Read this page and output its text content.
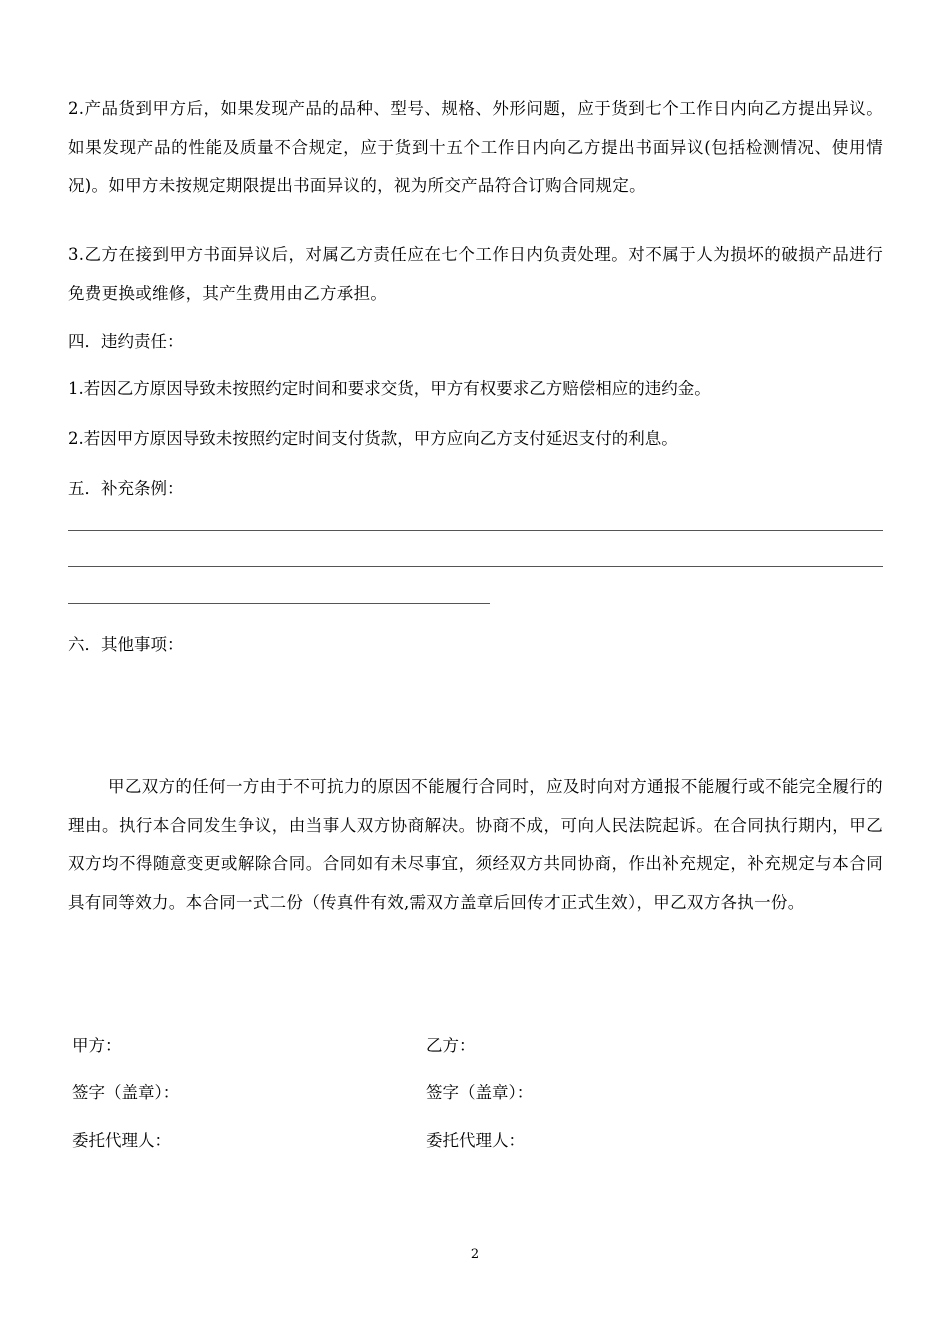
2.产品货到甲方后，如果发现产品的品种、型号、规格、外形问题，应于货到七个工作日内向乙方提出异议。如果发现产品的性能及质量不合规定，应于货到十五个工作日内向乙方提出书面异议(包括检测情况、使用情况)。如甲方未按规定期限提出书面异议的，视为所交产品符合订购合同规定。
3.乙方在接到甲方书面异议后，对属乙方责任应在七个工作日内负责处理。对不属于人为损坏的破损产品进行免费更换或维修，其产生费用由乙方承担。
四．违约责任：
1.若因乙方原因导致未按照约定时间和要求交货，甲方有权要求乙方赔偿相应的违约金。
2.若因甲方原因导致未按照约定时间支付货款，甲方应向乙方支付延迟支付的利息。
五．补充条例：
六．其他事项：
甲乙双方的任何一方由于不可抗力的原因不能履行合同时，应及时向对方通报不能履行或不能完全履行的理由。执行本合同发生争议，由当事人双方协商解决。协商不成，可向人民法院起诉。在合同执行期内，甲乙双方均不得随意变更或解除合同。合同如有未尽事宜，须经双方共同协商，作出补充规定，补充规定与本合同具有同等效力。本合同一式二份（传真件有效,需双方盖章后回传才正式生效），甲乙双方各执一份。
甲方：	乙方：
签字（盖章）：	签字（盖章）：
委托代理人：	委托代理人：
2
